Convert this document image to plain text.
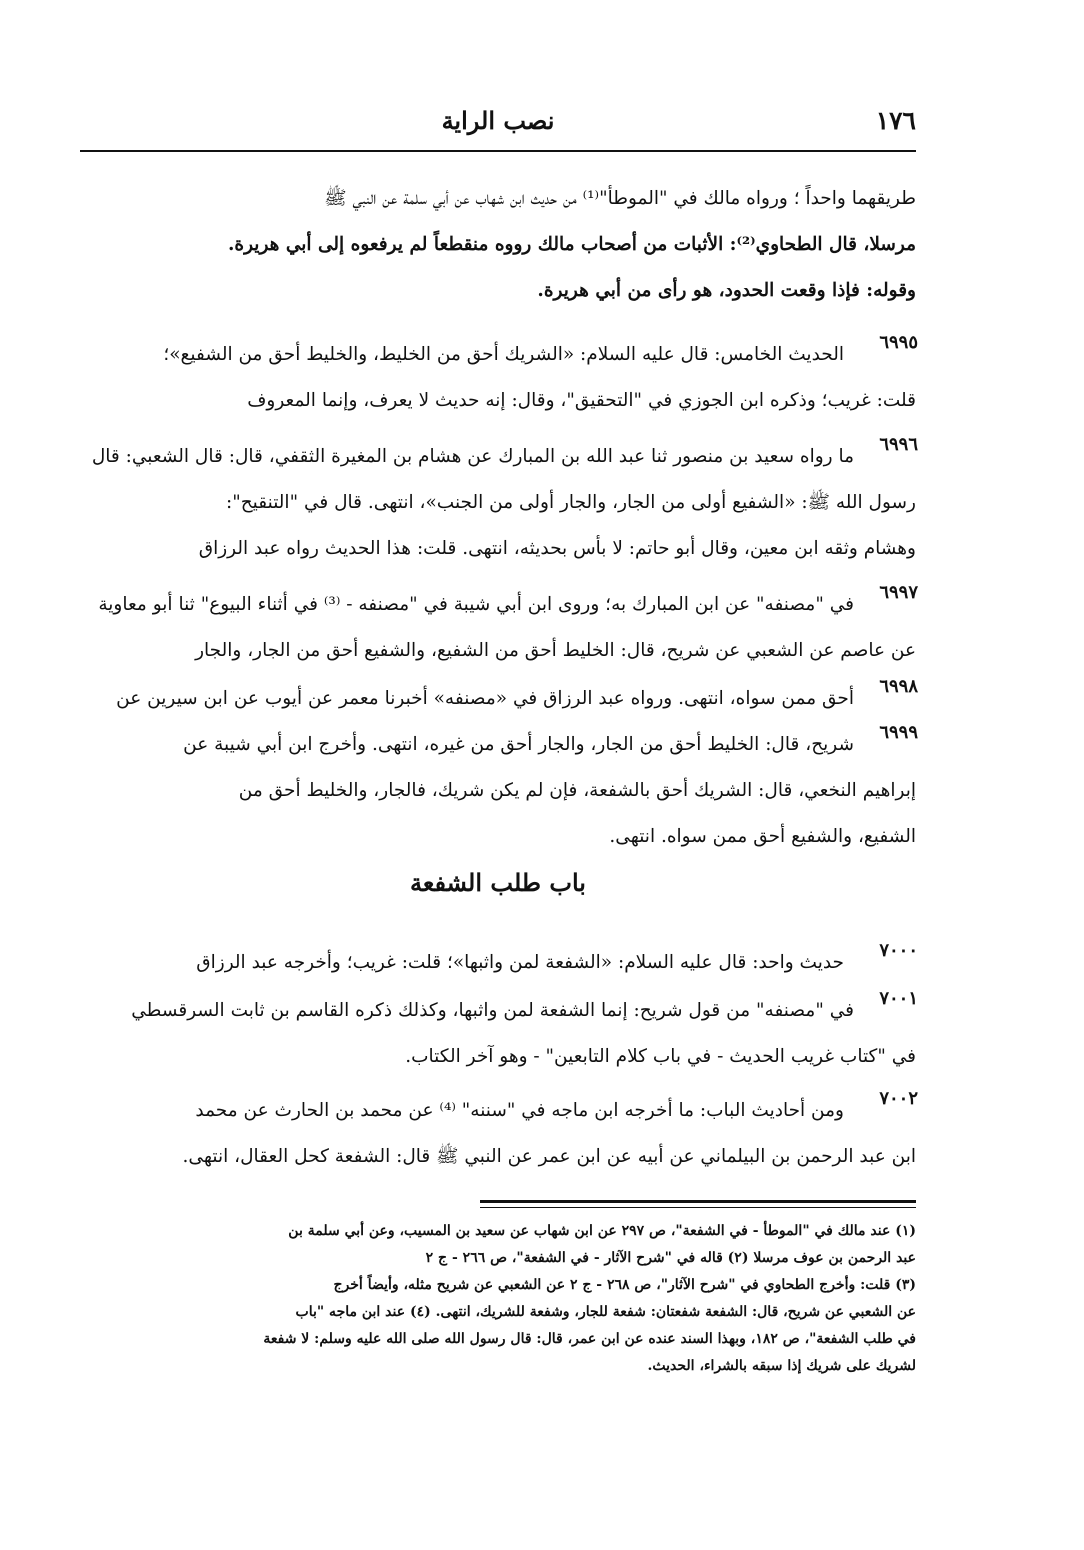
١٧٦
نصب الراية
طريقهما واحداً ؛ ورواه مالك في "الموطأ"⁽¹⁾ من حديث ابن شهاب عن أبي سلمة عن النبي ﷺ
مرسلا، قال الطحاوي⁽²⁾: الأثبات من أصحاب مالك رووه منقطعاً لم يرفعوه إلى أبي هريرة.
وقوله: فإذا وقعت الحدود، هو رأى من أبي هريرة.
٦٩٩٥
الحديث الخامس: قال عليه السلام: «الشريك أحق من الخليط، والخليط أحق من الشفيع»؛
قلت: غريب؛ وذكره ابن الجوزي في "التحقيق"، وقال: إنه حديث لا يعرف، وإنما المعروف
٦٩٩٦
ما رواه سعيد بن منصور ثنا عبد الله بن المبارك عن هشام بن المغيرة الثقفي، قال: قال الشعبي: قال
رسول الله ﷺ: «الشفيع أولى من الجار، والجار أولى من الجنب»، انتهى. قال في "التنقيح":
وهشام وثقه ابن معين، وقال أبو حاتم: لا بأس بحديثه، انتهى. قلت: هذا الحديث رواه عبد الرزاق
٦٩٩٧
في "مصنفه" عن ابن المبارك به؛ وروى ابن أبي شيبة في "مصنفه - ⁽³⁾ في أثناء البيوع" ثنا أبو معاوية
عن عاصم عن الشعبي عن شريح، قال: الخليط أحق من الشفيع، والشفيع أحق من الجار، والجار
٦٩٩٨
أحق ممن سواه، انتهى. ورواه عبد الرزاق في «مصنفه» أخبرنا معمر عن أيوب عن ابن سيرين عن
٦٩٩٩
شريح، قال: الخليط أحق من الجار، والجار أحق من غيره، انتهى. وأخرج ابن أبي شيبة عن
إبراهيم النخعي، قال: الشريك أحق بالشفعة، فإن لم يكن شريك، فالجار، والخليط أحق من
الشفيع، والشفيع أحق ممن سواه. انتهى.
باب طلب الشفعة
٧٠٠٠
حديث واحد: قال عليه السلام: «الشفعة لمن واثبها»؛ قلت: غريب؛ وأخرجه عبد الرزاق
٧٠٠١
في "مصنفه" من قول شريح: إنما الشفعة لمن واثبها، وكذلك ذكره القاسم بن ثابت السرقسطي
في "كتاب غريب الحديث - في باب كلام التابعين" - وهو آخر الكتاب.
٧٠٠٢
ومن أحاديث الباب: ما أخرجه ابن ماجه في "سننه" ⁽⁴⁾ عن محمد بن الحارث عن محمد
ابن عبد الرحمن بن البيلماني عن أبيه عن ابن عمر عن النبي ﷺ قال: الشفعة كحل العقال، انتهى.
(١) عند مالك في "الموطأ - في الشفعة"، ص ٢٩٧ عن ابن شهاب عن سعيد بن المسيب، وعن أبي سلمة بن
عبد الرحمن بن عوف مرسلا (٢) قاله في "شرح الآثار - في الشفعة"، ص ٢٦٦ - ج ٢
(٣) قلت: وأخرج الطحاوي في "شرح الآثار"، ص ٢٦٨ - ج ٢ عن الشعبي عن شريح مثله، وأيضاً أخرج
عن الشعبي عن شريح، قال: الشفعة شفعتان: شفعة للجار، وشفعة للشريك، انتهى. (٤) عند ابن ماجه "باب
في طلب الشفعة"، ص ١٨٢، وبهذا السند عنده عن ابن عمر، قال: قال رسول الله صلى الله عليه وسلم: لا شفعة
لشريك على شريك إذا سبقه بالشراء، الحديث.
